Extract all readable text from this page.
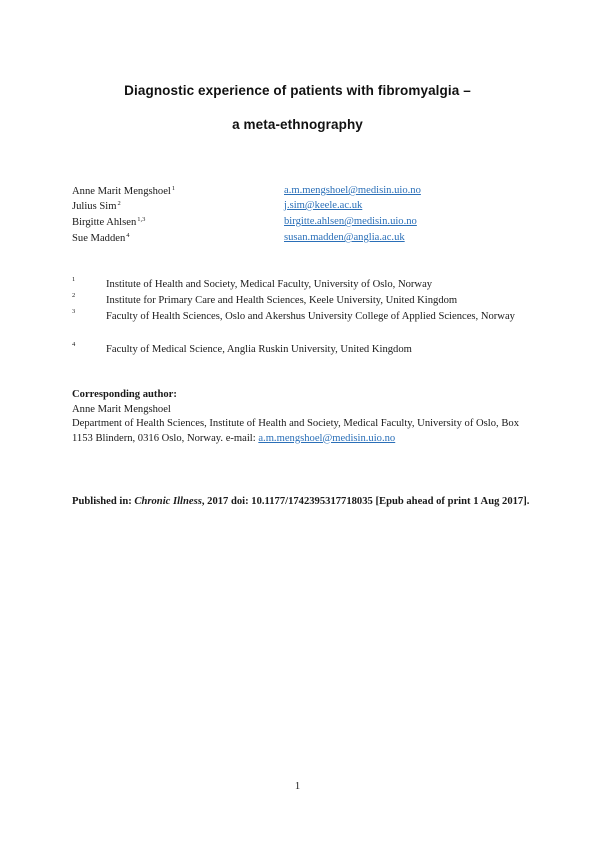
Diagnostic experience of patients with fibromyalgia –
a meta-ethnography
Anne Marit Mengshoel$^1$	a.m.mengshoel@medisin.uio.no
Julius Sim$^2$	j.sim@keele.ac.uk
Birgitte Ahlsen$^{1,3}$	birgitte.ahlsen@medisin.uio.no
Sue Madden$^4$	susan.madden@anglia.ac.uk
1	Institute of Health and Society, Medical Faculty, University of Oslo, Norway
2	Institute for Primary Care and Health Sciences, Keele University, United Kingdom
3	Faculty of Health Sciences, Oslo and Akershus University College of Applied Sciences, Norway
4	Faculty of Medical Science, Anglia Ruskin University, United Kingdom
Corresponding author:
Anne Marit Mengshoel
Department of Health Sciences, Institute of Health and Society, Medical Faculty, University of Oslo, Box 1153 Blindern, 0316 Oslo, Norway. e-mail: a.m.mengshoel@medisin.uio.no
Published in: Chronic Illness, 2017 doi: 10.1177/1742395317718035 [Epub ahead of print 1 Aug 2017].
1
